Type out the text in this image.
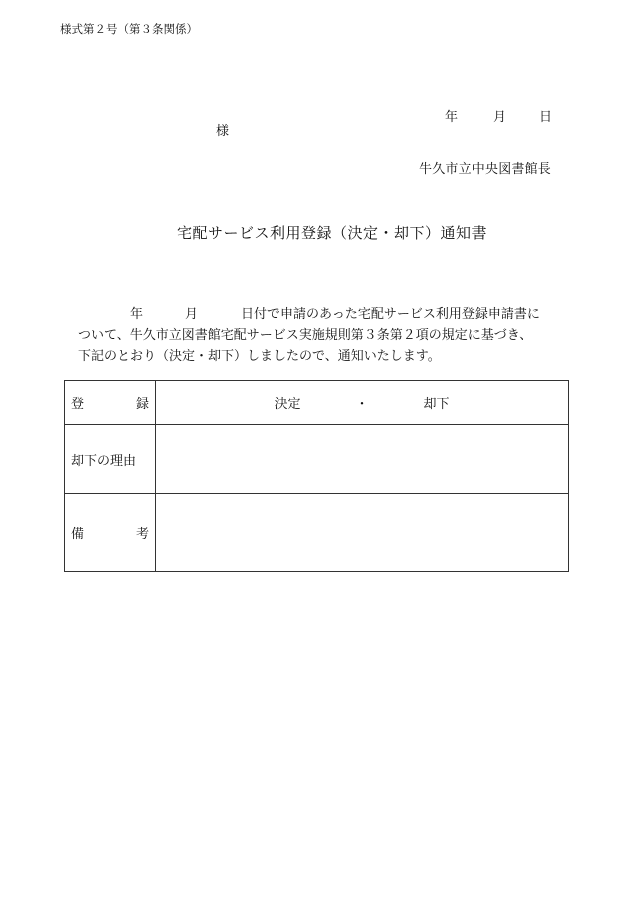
様式第２号（第３条関係）
年	月	日
様
牛久市立中央図書館長
宅配サービス利用登録（決定・却下）通知書
年	月	日付で申請のあった宅配サービス利用登録申請書に
ついて、牛久市立図書館宅配サービス実施規則第３条第２項の規定に基づき、
下記のとおり（決定・却下）しましたので、通知いたします。
登 録	決定 ・ 却下

却下の理由	

備 考	
